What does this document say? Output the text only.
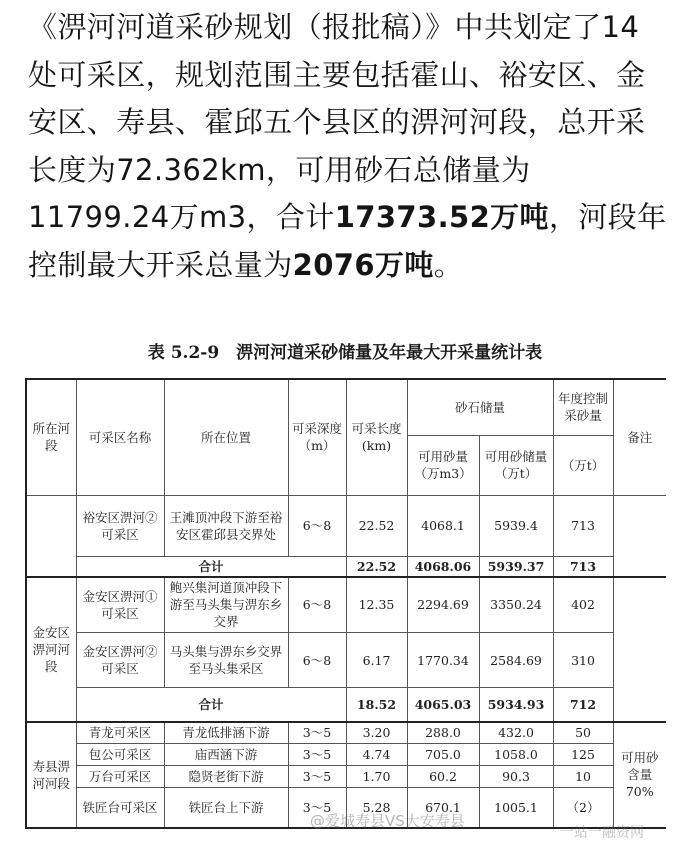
《淠河河道采砂规划（报批稿）》中共划定了14处可采区，规划范围主要包括霍山、裕安区、金安区、寿县、霍邱五个县区的淠河河段，总开采长度为72.362km，可用砂石总储量为11799.24万m3，合计17373.52万吨，河段年控制最大开采总量为2076万吨。

表 5.2-9　淠河河道采砂储量及年最大开采量统计表

所在河段	可采区名称	所在位置	可采深度（m）	可采长度(km)	砂石储量		年度控制采砂量	备注
					可用砂量（万m3）	可用砂储量（万t）	（万t）	
	裕安区淠河②可采区	王滩顶冲段下游至裕安区霍邱县交界处	6～8	22.52	4068.1	5939.4	713	
	合计			22.52	4068.06	5939.37	713	
金安区淠河河段	金安区淠河①可采区	鲍兴集河道顶冲段下游至马头集与淠东乡交界	6～8	12.35	2294.69	3350.24	402	
	金安区淠河②可采区	马头集与淠东乡交界至马头集采区	6～8	6.17	1770.34	2584.69	310	
	合计			18.52	4065.03	5934.93	712	
寿县淠河河段	青龙可采区	青龙低排涵下游	3～5	3.20	288.0	432.0	50	可用砂含量70%
	包公可采区	庙西涵下游	3～5	4.74	705.0	1058.0	125	
	万台可采区	隐贤老街下游	3～5	1.70	60.2	90.3	10	
	铁匠台可采区	铁匠台上下游	3～5	5.28	670.1	1005.1	（2）	
@爱城寿县VS大安寿县
一站一融资网
